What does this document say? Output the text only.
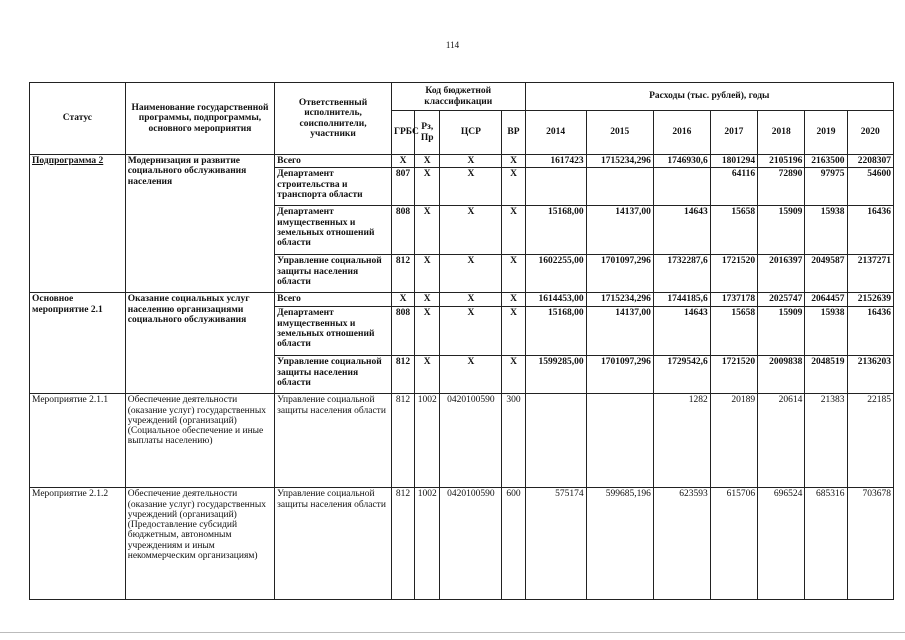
114
Статус	Наименование государственной программы, подпрограммы, основного мероприятия	Ответственный исполнитель, соисполнители, участники	Код бюджетной классификации				Расходы (тыс. рублей), годы						
			ГРБС	Рз, Пр	ЦСР	ВР	2014	2015	2016	2017	2018	2019	2020
Подпрограмма 2	Модернизация и развитие социального обслуживания населения	Всего	Х	Х	Х	Х	1617423	1715234,296	1746930,6	1801294	2105196	2163500	2208307
		Департамент строительства и транспорта области	807	Х	Х	Х				64116	72890	97975	54600
		Департамент имущественных и земельных отношений области	808	Х	Х	Х	15168,00	14137,00	14643	15658	15909	15938	16436
		Управление социальной защиты населения области	812	Х	Х	Х	1602255,00	1701097,296	1732287,6	1721520	2016397	2049587	2137271
Основное мероприятие 2.1	Оказание социальных услуг населению организациями социального обслуживания	Всего	Х	Х	Х	Х	1614453,00	1715234,296	1744185,6	1737178	2025747	2064457	2152639
		Департамент имущественных и земельных отношений области	808	Х	Х	Х	15168,00	14137,00	14643	15658	15909	15938	16436
		Управление социальной защиты населения области	812	Х	Х	Х	1599285,00	1701097,296	1729542,6	1721520	2009838	2048519	2136203
Мероприятие 2.1.1	Обеспечение деятельности (оказание услуг) государственных учреждений (организаций) (Социальное обеспечение и иные выплаты населению)	Управление социальной защиты населения области	812	1002	0420100590	300			1282	20189	20614	21383	22185
Мероприятие 2.1.2	Обеспечение деятельности (оказание услуг) государственных учреждений (организаций) (Предоставление субсидий бюджетным, автономным учреждениям и иным некоммерческим организациям)	Управление социальной защиты населения области	812	1002	0420100590	600	575174	599685,196	623593	615706	696524	685316	703678
